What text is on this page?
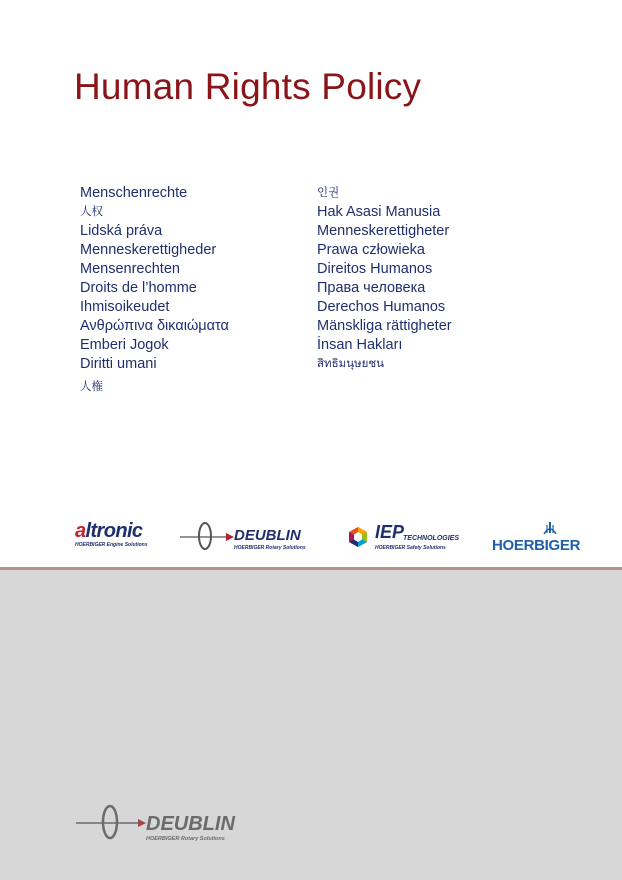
Human Rights Policy
Menschenrechte
人权
Lidská práva
Menneskerettigheder
Mensenrechten
Droits de l’homme
Ihmisoikeudet
Ανθρώπινα δικαιώματα
Emberi Jogok
Diritti umani
人権
인권
Hak Asasi Manusia
Menneskerettigheter
Prawa człowieka
Direitos Humanos
Права человека
Derechos Humanos
Mänskliga rättigheter
İnsan Hakları
สิทธิมนุษยชน
altronic
HOERBIGER Engine Solutions
DEUBLIN
HOERBIGER Rotary Solutions
IEP
TECHNOLOGIES
HOERBIGER Safety Solutions	HOERBIGER
DEUBLIN
HOERBIGER Rotary Solutions
